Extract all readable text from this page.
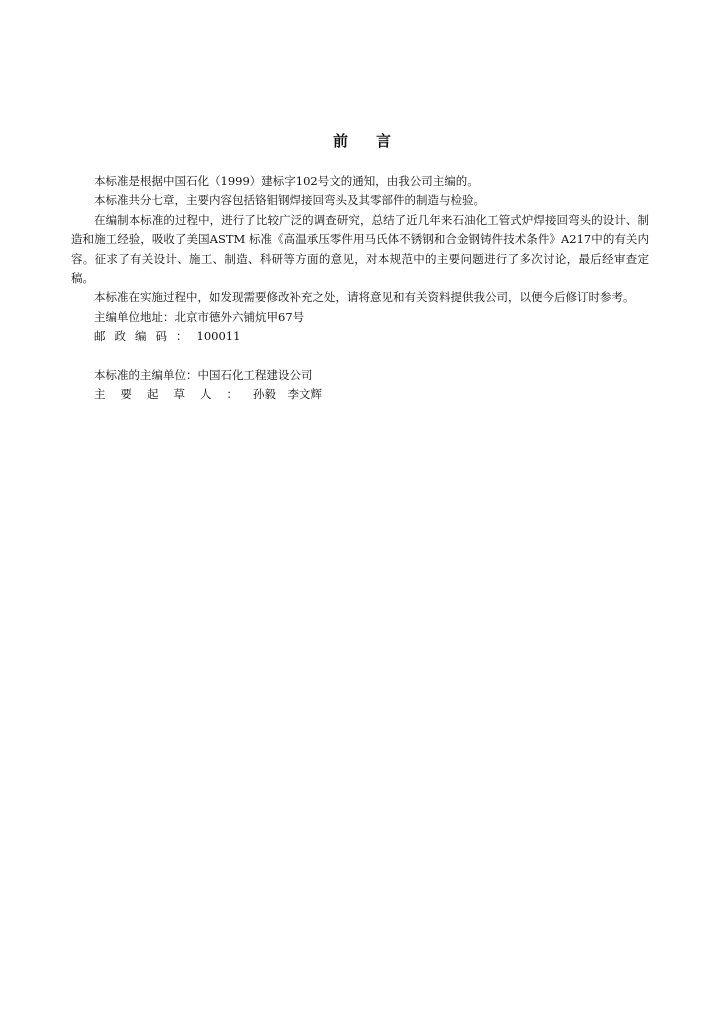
前言

本标准是根据中国石化（1999）建标字102号文的通知，由我公司主编的。

本标准共分七章，主要内容包括铬钼钢焊接回弯头及其零部件的制造与检验。

在编制本标准的过程中，进行了比较广泛的调查研究，总结了近几年来石油化工管式炉焊接回弯头的设计、制造和施工经验，吸收了美国ASTM 标准《高温承压零件用马氏体不锈钢和合金钢铸件技术条件》A217中的有关内容。征求了有关设计、施工、制造、科研等方面的意见，对本规范中的主要问题进行了多次讨论，最后经审查定稿。

本标准在实施过程中，如发现需要修改补充之处，请将意见和有关资料提供我公司，以便今后修订时参考。

主编单位地址：北京市德外六铺炕甲67号

邮政编码：100011

本标准的主编单位：中国石化工程建设公司

主要起草人：孙毅　李文辉
